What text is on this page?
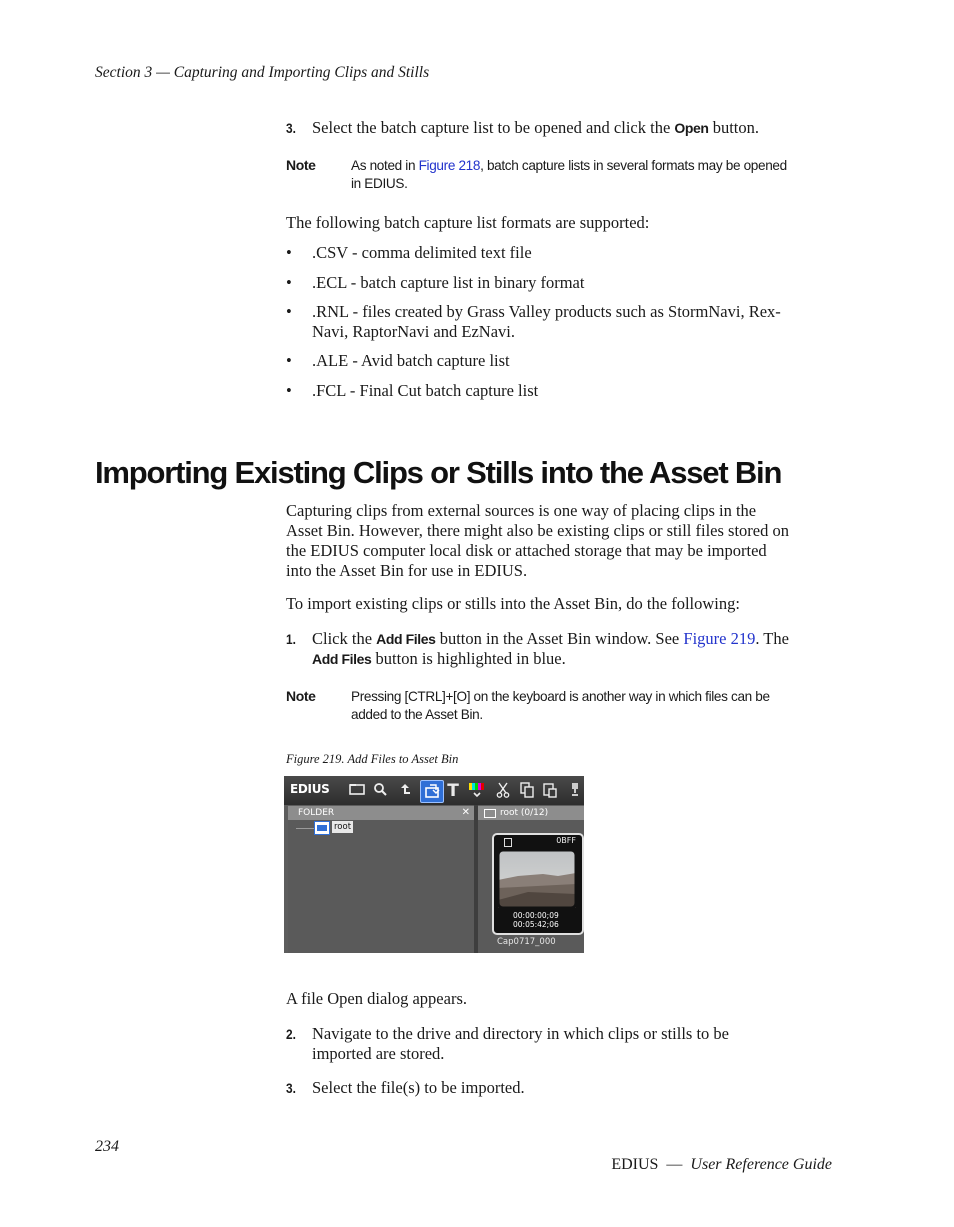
Section 3 — Capturing and Importing Clips and Stills
3. Select the batch capture list to be opened and click the Open button.
Note	As noted in Figure 218, batch capture lists in several formats may be opened
in EDIUS.
The following batch capture list formats are supported:
• .CSV - comma delimited text file
• .ECL - batch capture list in binary format
• .RNL - files created by Grass Valley products such as StormNavi, Rex-
Navi, RaptorNavi and EzNavi.
• .ALE - Avid batch capture list
• .FCL - Final Cut batch capture list
Importing Existing Clips or Stills into the Asset Bin
Capturing clips from external sources is one way of placing clips in the
Asset Bin. However, there might also be existing clips or still files stored on
the EDIUS computer local disk or attached storage that may be imported
into the Asset Bin for use in EDIUS.
To import existing clips or stills into the Asset Bin, do the following:
1. Click the Add Files button in the Asset Bin window. See Figure 219. The
Add Files button is highlighted in blue.
Note	Pressing [CTRL]+[O] on the keyboard is another way in which files can be
added to the Asset Bin.
Figure 219. Add Files to Asset Bin
EDIUS	T
FOLDER	✕
root
root (0/12)
0BFF
00:00:00;09
00:05:42;06
Cap0717_000
A file Open dialog appears.
2. Navigate to the drive and directory in which clips or stills to be
imported are stored.
3. Select the file(s) to be imported.
234

EDIUS  —  User Reference Guide
